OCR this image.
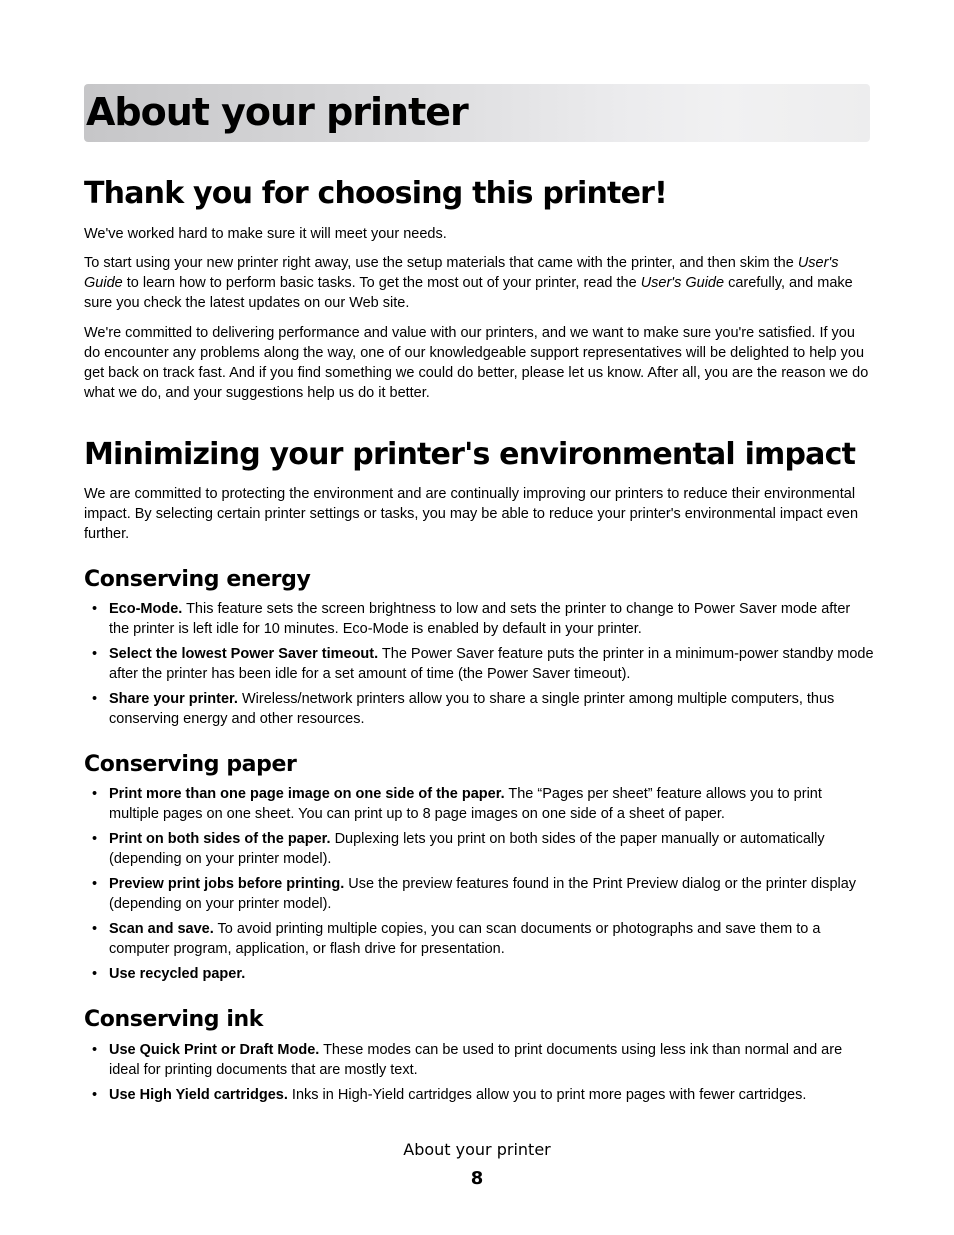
About your printer
Thank you for choosing this printer!

We've worked hard to make sure it will meet your needs.

To start using your new printer right away, use the setup materials that came with the printer, and then skim the User's Guide to learn how to perform basic tasks. To get the most out of your printer, read the User's Guide carefully, and make sure you check the latest updates on our Web site.

We're committed to delivering performance and value with our printers, and we want to make sure you're satisfied. If you do encounter any problems along the way, one of our knowledgeable support representatives will be delighted to help you get back on track fast. And if you find something we could do better, please let us know. After all, you are the reason we do what we do, and your suggestions help us do it better.

Minimizing your printer's environmental impact

We are committed to protecting the environment and are continually improving our printers to reduce their environmental impact. By selecting certain printer settings or tasks, you may be able to reduce your printer's environmental impact even further.

Conserving energy
• Eco-Mode. This feature sets the screen brightness to low and sets the printer to change to Power Saver mode after the printer is left idle for 10 minutes. Eco-Mode is enabled by default in your printer.
• Select the lowest Power Saver timeout. The Power Saver feature puts the printer in a minimum-power standby mode after the printer has been idle for a set amount of time (the Power Saver timeout).
• Share your printer. Wireless/network printers allow you to share a single printer among multiple computers, thus conserving energy and other resources.
Conserving paper
• Print more than one page image on one side of the paper. The “Pages per sheet” feature allows you to print multiple pages on one sheet. You can print up to 8 page images on one side of a sheet of paper.
• Print on both sides of the paper. Duplexing lets you print on both sides of the paper manually or automatically (depending on your printer model).
• Preview print jobs before printing. Use the preview features found in the Print Preview dialog or the printer display (depending on your printer model).
• Scan and save. To avoid printing multiple copies, you can scan documents or photographs and save them to a computer program, application, or flash drive for presentation.
• Use recycled paper.
Conserving ink
• Use Quick Print or Draft Mode. These modes can be used to print documents using less ink than normal and are ideal for printing documents that are mostly text.
• Use High Yield cartridges. Inks in High-Yield cartridges allow you to print more pages with fewer cartridges.
About your printer
8
